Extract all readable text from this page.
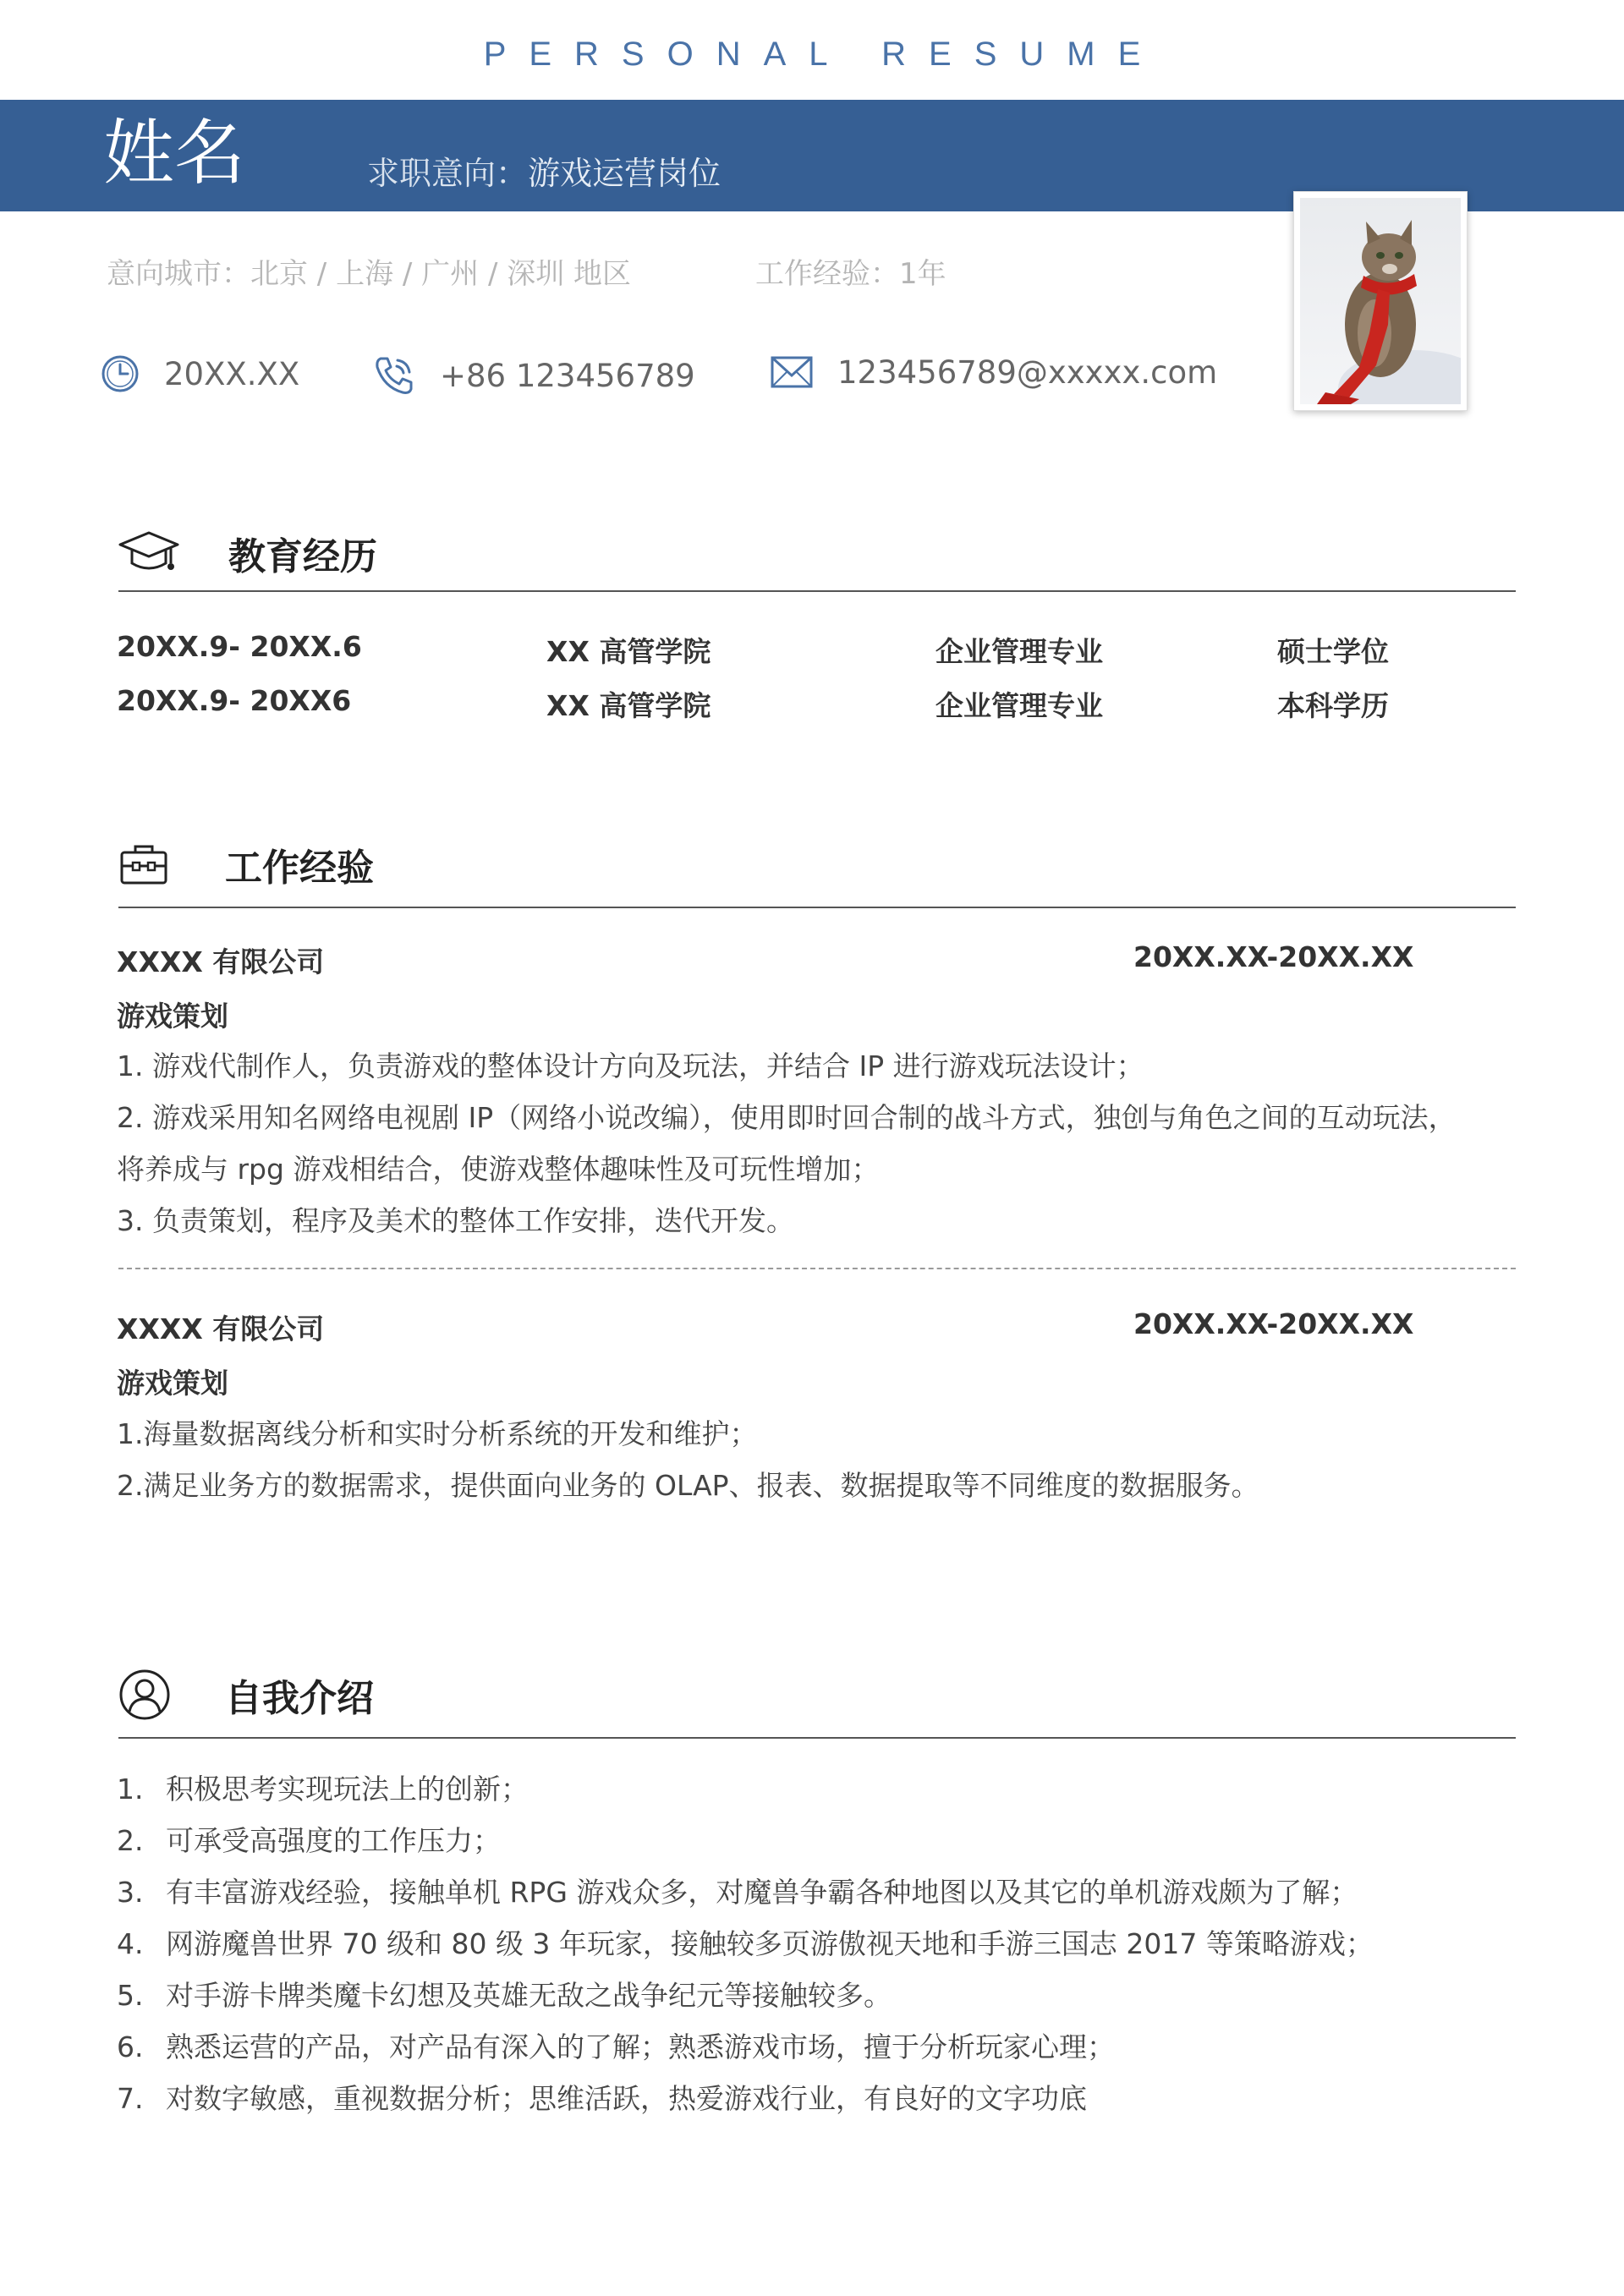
PERSONAL RESUME
姓名	求职意向：游戏运营岗位
意向城市：北京 / 上海 / 广州 / 深圳 地区	工作经验：1年
20XX.XX	+86 123456789	123456789@xxxxx.com
教育经历
20XX.9- 20XX.6	XX 高管学院	企业管理专业	硕士学位
20XX.9- 20XX6	XX 高管学院	企业管理专业	本科学历
工作经验
XXXX 有限公司	20XX.XX-20XX.XX
游戏策划

1. 游戏代制作人，负责游戏的整体设计方向及玩法，并结合 IP 进行游戏玩法设计；

2. 游戏采用知名网络电视剧 IP（网络小说改编），使用即时回合制的战斗方式，独创与角色之间的互动玩法，

将养成与 rpg 游戏相结合，使游戏整体趣味性及可玩性增加；

3. 负责策划，程序及美术的整体工作安排，迭代开发。

XXXX 有限公司	20XX.XX-20XX.XX
游戏策划

1.海量数据离线分析和实时分析系统的开发和维护；

2.满足业务方的数据需求，提供面向业务的 OLAP、报表、数据提取等不同维度的数据服务。

自我介绍
1. 积极思考实现玩法上的创新；
2. 可承受高强度的工作压力；
3. 有丰富游戏经验，接触单机 RPG 游戏众多，对魔兽争霸各种地图以及其它的单机游戏颇为了解；
4. 网游魔兽世界 70 级和 80 级 3 年玩家，接触较多页游傲视天地和手游三国志 2017 等策略游戏；
5. 对手游卡牌类魔卡幻想及英雄无敌之战争纪元等接触较多。
6. 熟悉运营的产品，对产品有深入的了解；熟悉游戏市场，擅于分析玩家心理；
7. 对数字敏感，重视数据分析；思维活跃，热爱游戏行业，有良好的文字功底
